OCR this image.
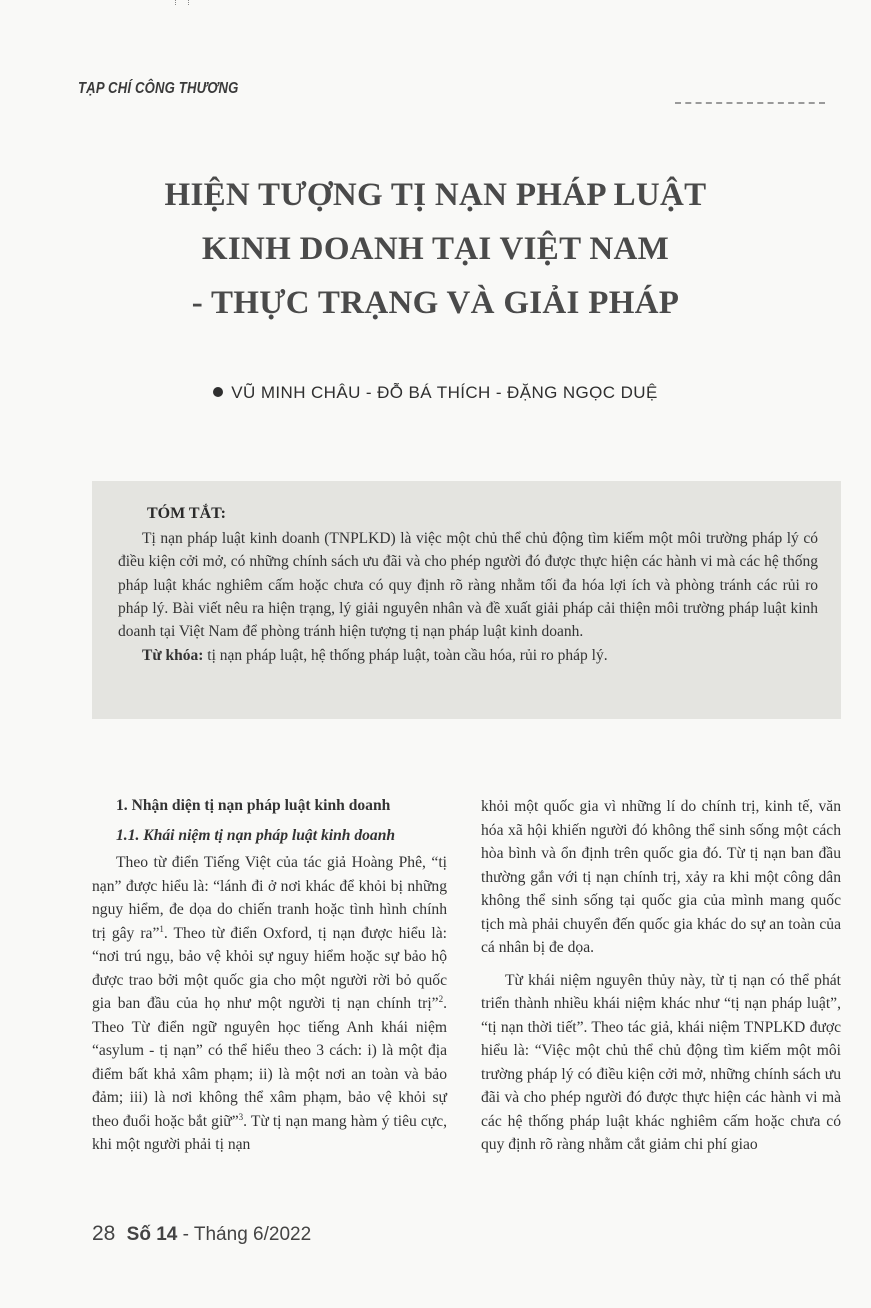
TẠP CHÍ CÔNG THƯƠNG
HIỆN TƯỢNG TỊ NẠN PHÁP LUẬT
KINH DOANH TẠI VIỆT NAM
- THỰC TRẠNG VÀ GIẢI PHÁP
VŨ MINH CHÂU - ĐỖ BÁ THÍCH - ĐẶNG NGỌC DUỆ
TÓM TẮT:

Tị nạn pháp luật kinh doanh (TNPLKD) là việc một chủ thể chủ động tìm kiếm một môi trường pháp lý có điều kiện cởi mở, có những chính sách ưu đãi và cho phép người đó được thực hiện các hành vi mà các hệ thống pháp luật khác nghiêm cấm hoặc chưa có quy định rõ ràng nhằm tối đa hóa lợi ích và phòng tránh các rủi ro pháp lý. Bài viết nêu ra hiện trạng, lý giải nguyên nhân và đề xuất giải pháp cải thiện môi trường pháp luật kinh doanh tại Việt Nam để phòng tránh hiện tượng tị nạn pháp luật kinh doanh.

Từ khóa: tị nạn pháp luật, hệ thống pháp luật, toàn cầu hóa, rủi ro pháp lý.

1. Nhận diện tị nạn pháp luật kinh doanh
1.1. Khái niệm tị nạn pháp luật kinh doanh

Theo từ điển Tiếng Việt của tác giả Hoàng Phê, “tị nạn” được hiểu là: “lánh đi ở nơi khác để khỏi bị những nguy hiểm, đe dọa do chiến tranh hoặc tình hình chính trị gây ra”$^1$. Theo từ điển Oxford, tị nạn được hiểu là: “nơi trú ngụ, bảo vệ khỏi sự nguy hiểm hoặc sự bảo hộ được trao bởi một quốc gia cho một người rời bỏ quốc gia ban đầu của họ như một người tị nạn chính trị”$^2$. Theo Từ điển ngữ nguyên học tiếng Anh khái niệm “asylum - tị nạn” có thể hiểu theo 3 cách: i) là một địa điểm bất khả xâm phạm; ii) là một nơi an toàn và bảo đảm; iii) là nơi không thể xâm phạm, bảo vệ khỏi sự theo đuổi hoặc bắt giữ”$^3$. Từ tị nạn mang hàm ý tiêu cực, khi một người phải tị nạn

khỏi một quốc gia vì những lí do chính trị, kinh tế, văn hóa xã hội khiến người đó không thể sinh sống một cách hòa bình và ổn định trên quốc gia đó. Từ tị nạn ban đầu thường gắn với tị nạn chính trị, xảy ra khi một công dân không thể sinh sống tại quốc gia của mình mang quốc tịch mà phải chuyển đến quốc gia khác do sự an toàn của cá nhân bị đe dọa.

Từ khái niệm nguyên thủy này, từ tị nạn có thể phát triển thành nhiều khái niệm khác như “tị nạn pháp luật”, “tị nạn thời tiết”. Theo tác giả, khái niệm TNPLKD được hiểu là: “Việc một chủ thể chủ động tìm kiếm một môi trường pháp lý có điều kiện cởi mở, những chính sách ưu đãi và cho phép người đó được thực hiện các hành vi mà các hệ thống pháp luật khác nghiêm cấm hoặc chưa có quy định rõ ràng nhằm cắt giảm chi phí giao

28 Số 14 - Tháng 6/2022
